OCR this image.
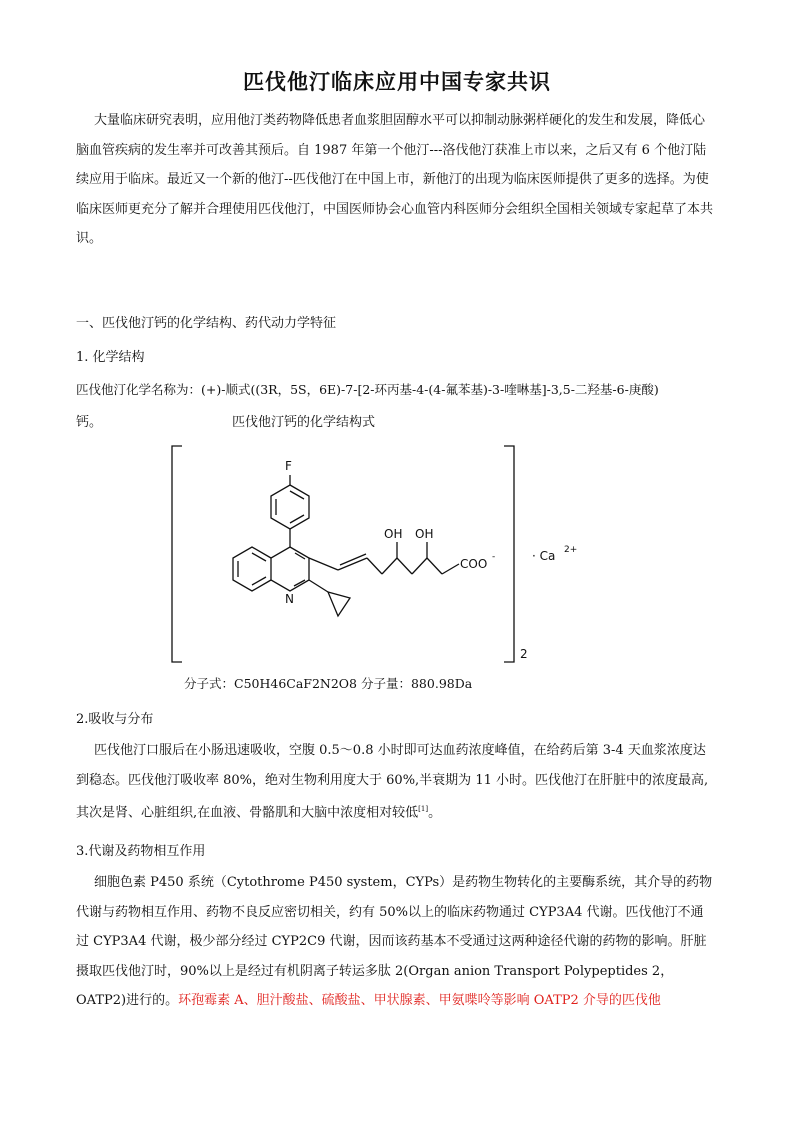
匹伐他汀临床应用中国专家共识

大量临床研究表明，应用他汀类药物降低患者血浆胆固醇水平可以抑制动脉粥样硬化的发生和发展，降低心脑血管疾病的发生率并可改善其预后。自 1987 年第一个他汀---洛伐他汀获准上市以来，之后又有 6 个他汀陆续应用于临床。最近又一个新的他汀--匹伐他汀在中国上市，新他汀的出现为临床医师提供了更多的选择。为使临床医师更充分了解并合理使用匹伐他汀，中国医师协会心血管内科医师分会组织全国相关领域专家起草了本共识。

一、匹伐他汀钙的化学结构、药代动力学特征
1. 化学结构
匹伐他汀化学名称为：(+)-顺式((3R，5S，6E)-7-[2-环丙基-4-(4-氟苯基)-3-喹啉基]-3,5-二羟基-6-庚酸)
钙。	匹伐他汀钙的化学结构式
F
N
OH OH
COO -	· Ca 2+
2
分子式：C50H46CaF2N2O8 分子量：880.98Da
2.吸收与分布

匹伐他汀口服后在小肠迅速吸收，空腹 0.5～0.8 小时即可达血药浓度峰值，在给药后第 3-4 天血浆浓度达到稳态。匹伐他汀吸收率 80%，绝对生物利用度大于 60%,半衰期为 11 小时。匹伐他汀在肝脏中的浓度最高,其次是肾、心脏组织,在血液、骨骼肌和大脑中浓度相对较低[1]。

3.代谢及药物相互作用

细胞色素 P450 系统（Cytothrome P450 system，CYPs）是药物生物转化的主要酶系统，其介导的药物代谢与药物相互作用、药物不良反应密切相关，约有 50%以上的临床药物通过 CYP3A4 代谢。匹伐他汀不通过 CYP3A4 代谢，极少部分经过 CYP2C9 代谢，因而该药基本不受通过这两种途径代谢的药物的影响。肝脏摄取匹伐他汀时，90%以上是经过有机阴离子转运多肽 2(Organ anion Transport Polypeptides 2，OATP2)进行的。环孢霉素 A、胆汁酸盐、硫酸盐、甲状腺素、甲氨喋呤等影响 OATP2 介导的匹伐他
